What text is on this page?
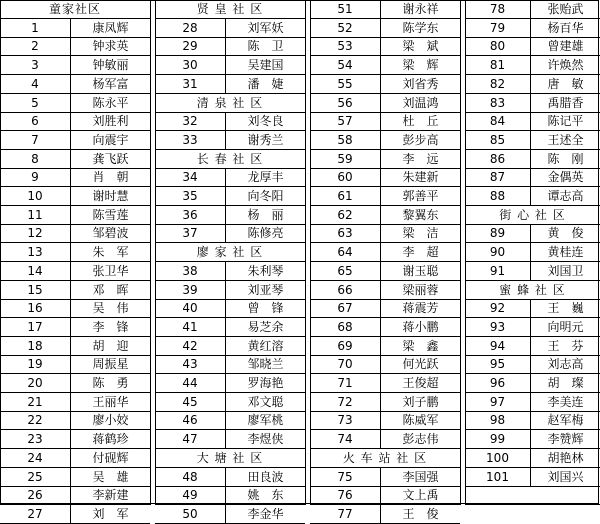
童家社区
1	康凤辉
2	钟求英
3	钟敏丽
4	杨军富
5	陈永平
6	刘胜利
7	向震宇
8	龚飞跃
9	肖　朝
10	谢时慧
11	陈雪莲
12	邹碧波
13	朱　军
14	张卫华
15	邓　晖
16	吴　伟
17	李　锋
18	胡　迎
19	周振星
20	陈　勇
21	王丽华
22	廖小姣
23	蒋鹤珍
24	付砚辉
25	吴　雄
26	李新建
27	刘　军
贤 皇 社 区
28	刘军妖
29	陈　卫
30	吴建国
31	潘　婕
清 泉 社 区
32	刘冬良
33	谢秀兰
长 春 社 区
34	龙厚丰
35	向冬阳
36	杨　丽
37	陈修亮
廖 家 社 区
38	朱利琴
39	刘亚琴
40	曾　锋
41	易芝余
42	黄红溶
43	邹晓兰
44	罗海艳
45	邓文聪
46	廖军桃
47	李煜侠
大 塘 社 区
48	田良波
49	姚　东
50	李金华
51	谢永祥
52	陈学东
53	梁　斌
54	梁　辉
55	刘省秀
56	刘温鸿
57	杜　丘
58	彭步高
59	李　远
60	朱建新
61	郭善平
62	黎翼东
63	梁　洁
64	李　超
65	谢玉聪
66	梁丽蓉
67	蒋震芳
68	蒋小鹏
69	梁　鑫
70	何光跃
71	王俊超
72	刘子鹏
73	陈威军
74	彭志伟
火 车 站 社 区
75	李国强
76	文上禹
77	王　俊
78	张贻武
79	杨百华
80	曾建雄
81	许焕然
82	唐　敏
83	禹腊香
84	陈记平
85	王述全
86	陈　刚
87	金偶英
88	谭志高
街 心 社 区
89	黄　俊
90	黄桂连
91	刘国卫
蜜 蜂 社 区
92	王　巍
93	向明元
94	王　芬
95	刘志高
96	胡　璨
97	李美连
98	赵军梅
99	李赞辉
100	胡艳林
101	刘国兴
